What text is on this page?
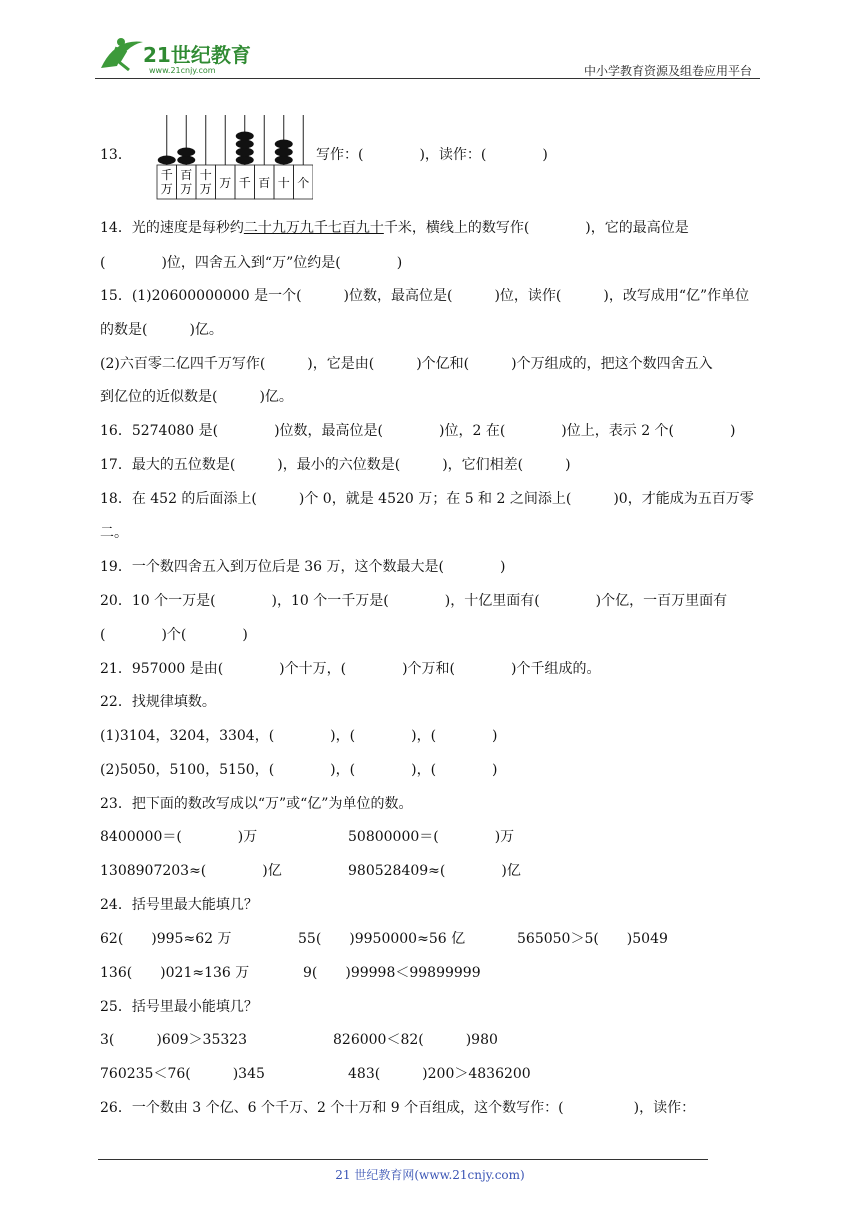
21世纪教育
www.21cnjy.com	中小学教育资源及组卷应用平台
13．
千
万
百
万
十
万 万 千 百 十 个
写作：(　　　　)，读作：(　　　　)
14．光的速度是每秒约二十九万九千七百九十千米，横线上的数写作(　　　　)，它的最高位是
(　　　　)位，四舍五入到“万”位约是(　　　　)
15．(1)20600000000 是一个(　　　)位数，最高位是(　　　)位，读作(　　　)，改写成用“亿”作单位
的数是(　　　)亿。
(2)六百零二亿四千万写作(　　　)，它是由(　　　)个亿和(　　　)个万组成的，把这个数四舍五入
到亿位的近似数是(　　　)亿。
16．5274080 是(　　　　)位数，最高位是(　　　　)位，2 在(　　　　)位上，表示 2 个(　　　　)
17．最大的五位数是(　　　)，最小的六位数是(　　　)，它们相差(　　　)
18．在 452 的后面添上(　　　)个 0，就是 4520 万；在 5 和 2 之间添上(　　　)0，才能成为五百万零
二。
19．一个数四舍五入到万位后是 36 万，这个数最大是(　　　　)
20．10 个一万是(　　　　)，10 个一千万是(　　　　)，十亿里面有(　　　　)个亿，一百万里面有
(　　　　)个(　　　　)
21．957000 是由(　　　　)个十万，(　　　　)个万和(　　　　)个千组成的。
22．找规律填数。
(1)3104，3204，3304，(　　　　)，(　　　　)，(　　　　)
(2)5050，5100，5150，(　　　　)，(　　　　)，(　　　　)
23．把下面的数改写成以“万”或“亿”为单位的数。
8400000＝(　　　　)万	50800000＝(　　　　)万
1308907203≈(　　　　)亿	980528409≈(　　　　)亿
24．括号里最大能填几？
62(　　)995≈62 万	55(　　)9950000≈56 亿	565050＞5(　　)5049
136(　　)021≈136 万	9(　　)99998＜99899999
25．括号里最小能填几？
3(　　　)609＞35323	826000＜82(　　　)980
760235＜76(　　　)345	483(　　　)200＞4836200
26．一个数由 3 个亿、6 个千万、2 个十万和 9 个百组成，这个数写作：(　　　　　)，读作：
21 世纪教育网(www.21cnjy.com)
